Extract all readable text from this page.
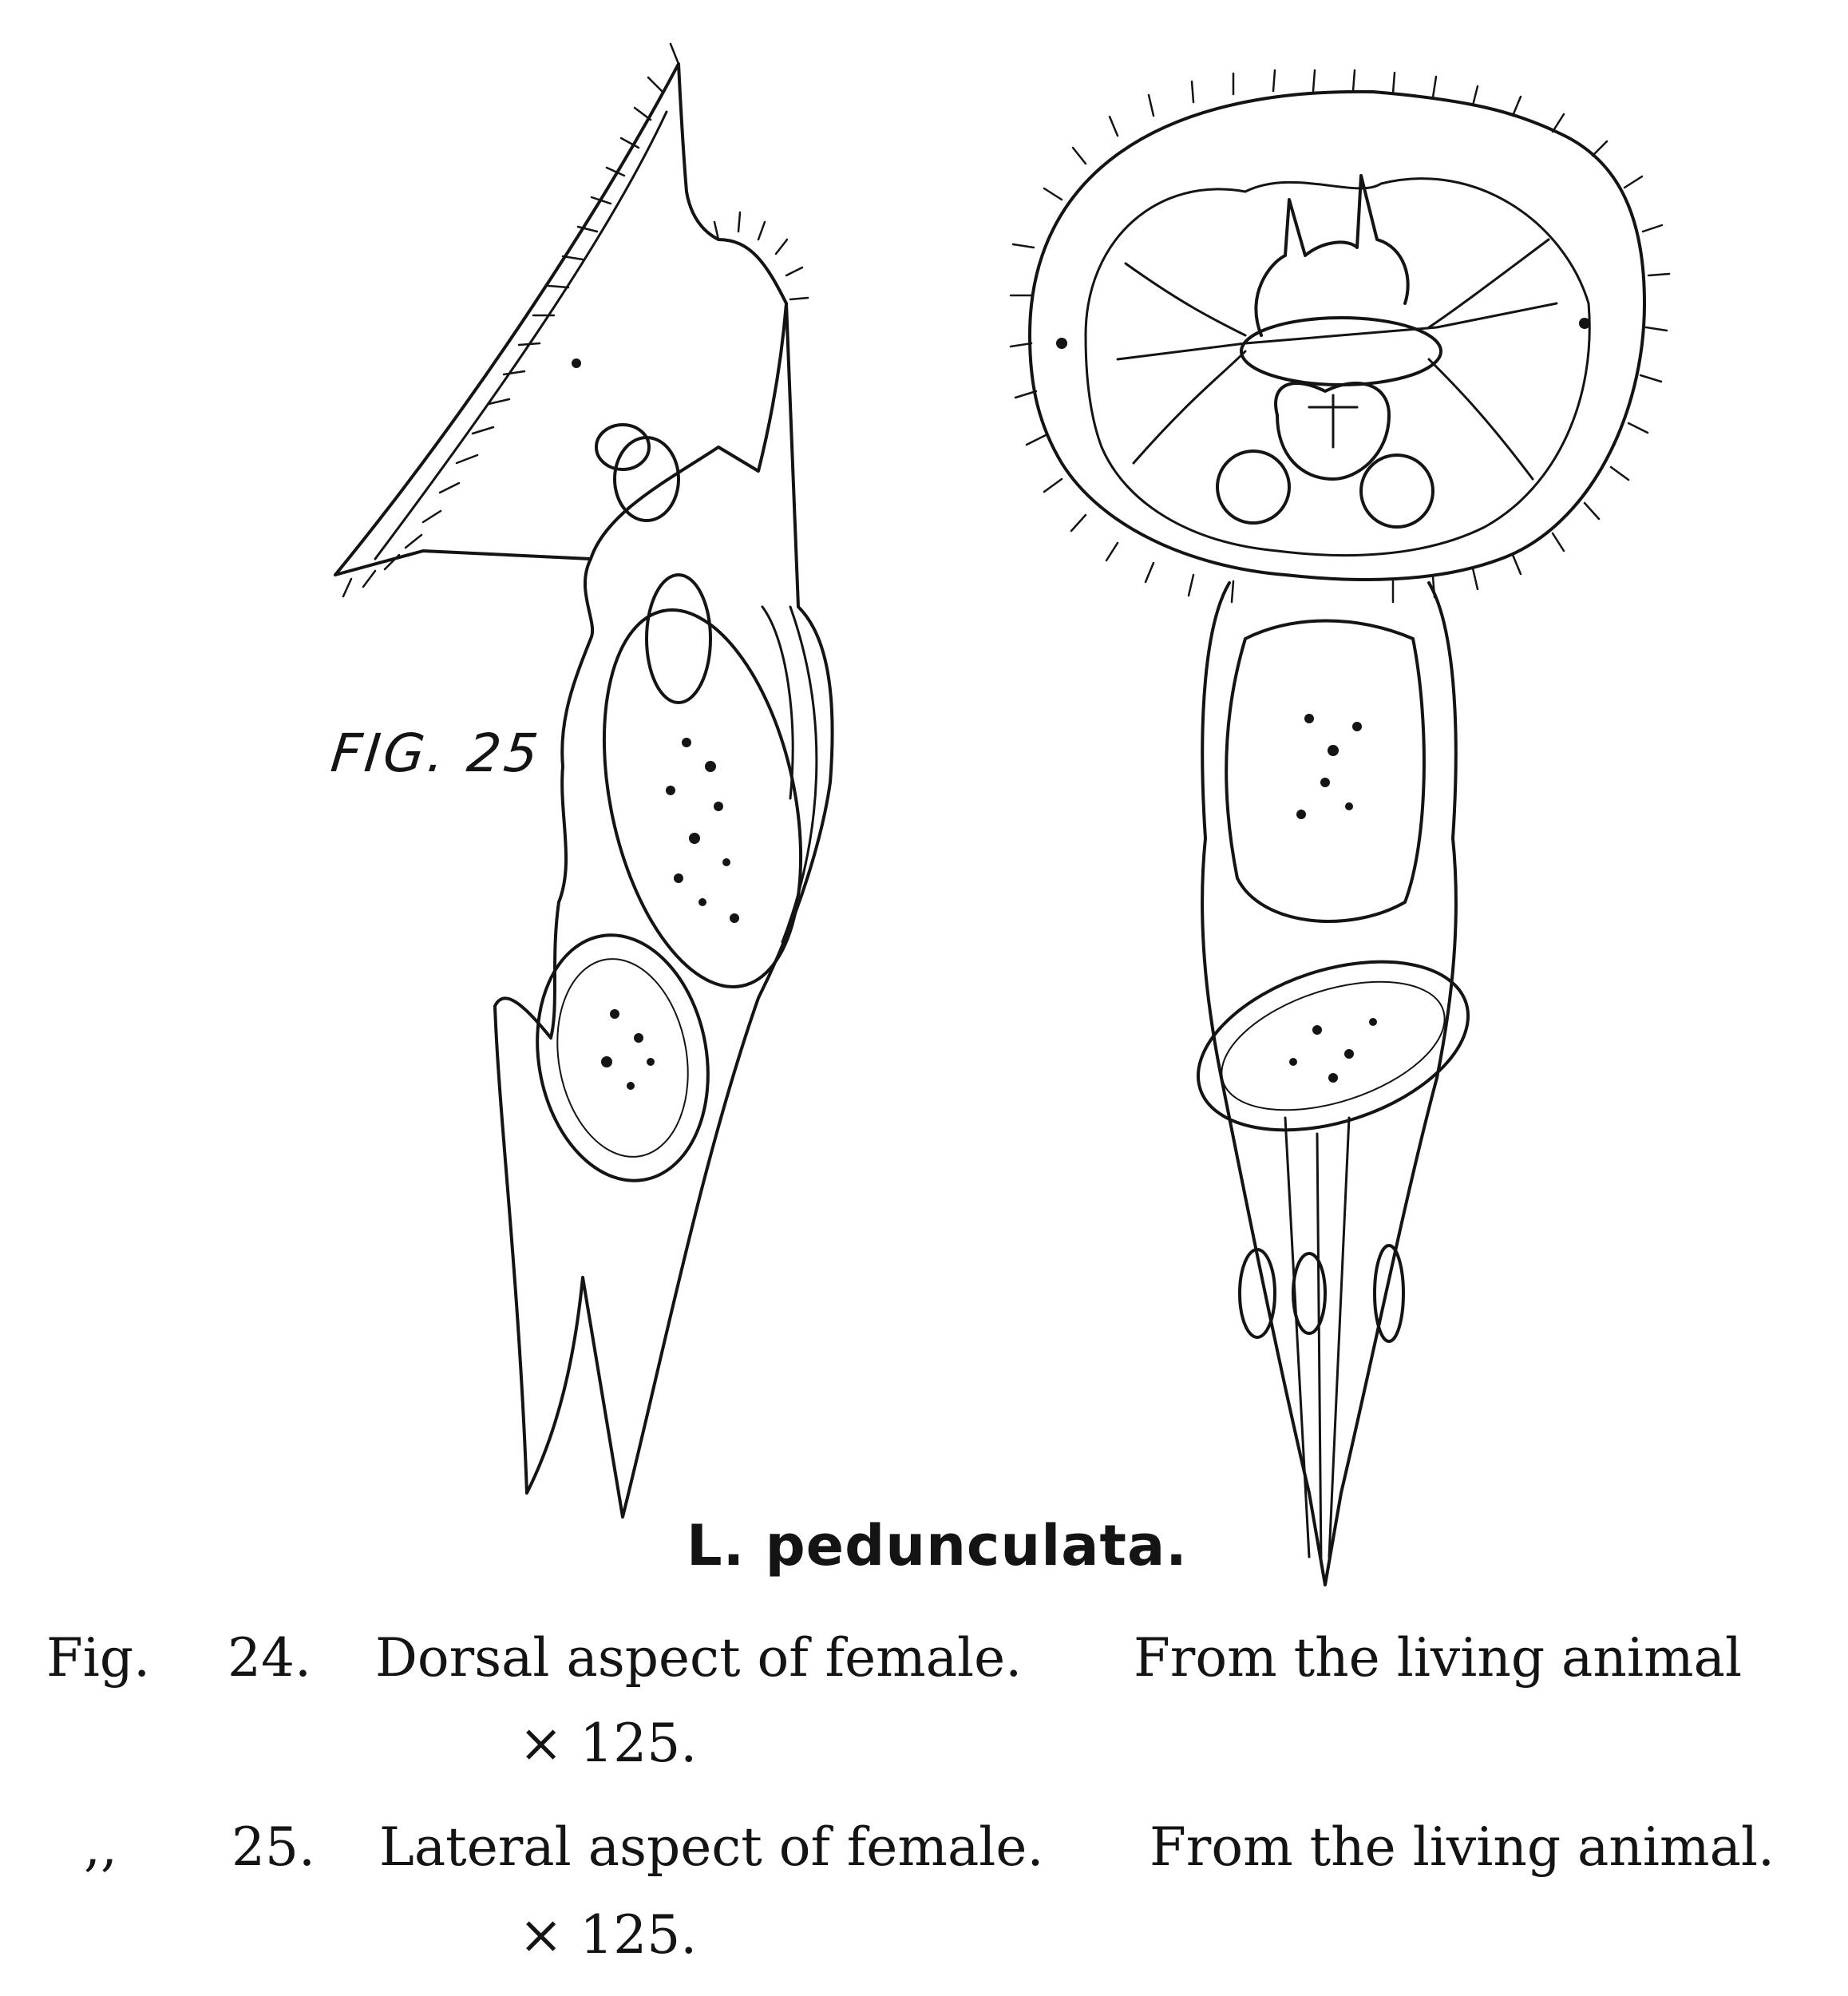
FIG. 25
L. pedunculata.
Fig. 24. Dorsal aspect of female. From the living animal
× 125.
,, 25. Lateral aspect of female. From the living animal.
× 125.
